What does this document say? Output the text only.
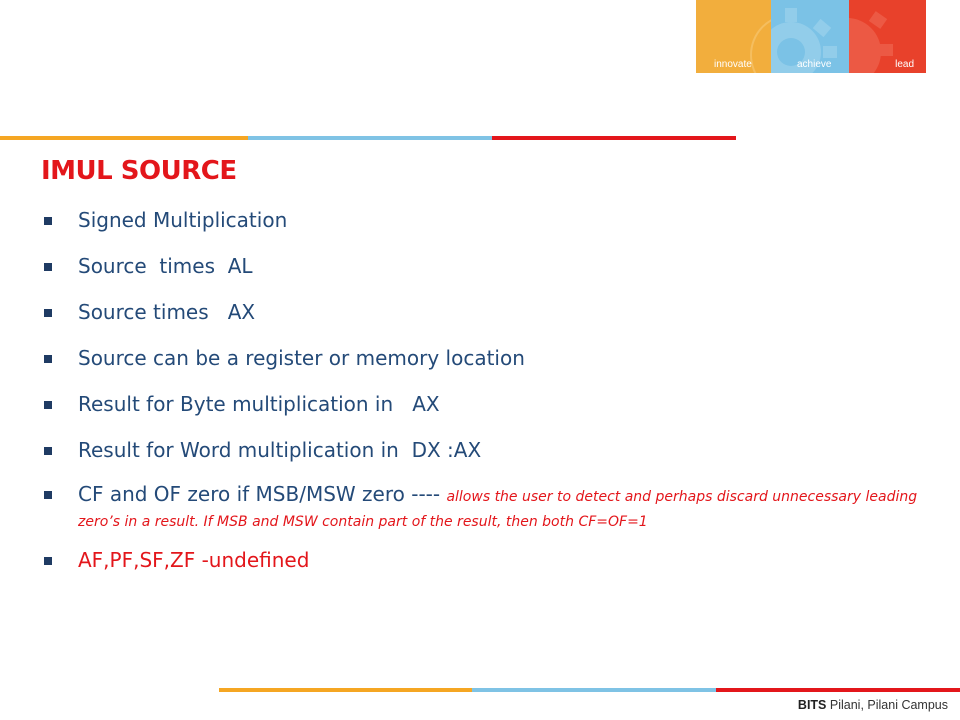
innovate	achieve	lead
IMUL SOURCE
Signed Multiplication
Source  times  AL
Source times   AX
Source can be a register or memory location
Result for Byte multiplication in   AX
Result for Word multiplication in  DX :AX
CF and OF zero if MSB/MSW zero ---- allows the user to detect and perhaps discard unnecessary leading zero’s in a result. If MSB and MSW contain part of the result, then both CF=OF=1
AF,PF,SF,ZF -undefined
BITS Pilani, Pilani Campus
